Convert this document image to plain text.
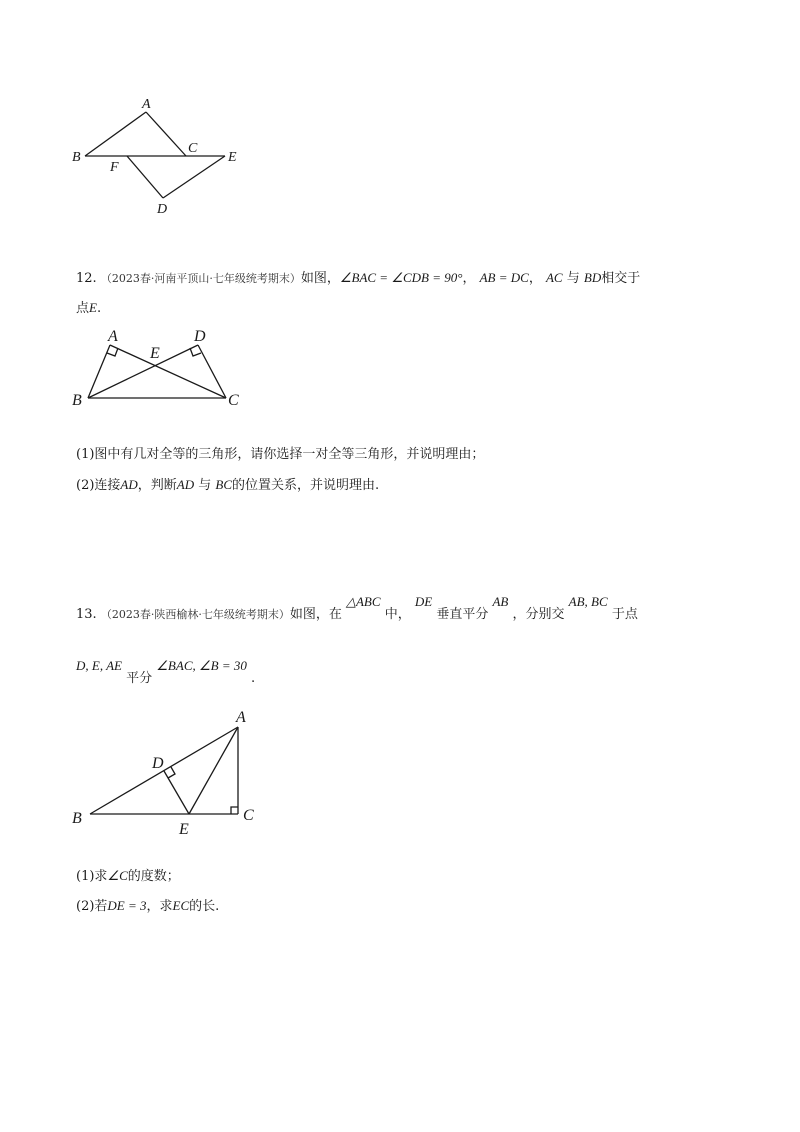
A
B
C
E
F
D
12. （2023春·河南平顶山·七年级统考期末）如图，∠BAC = ∠CDB = 90°， AB = DC， AC 与 BD相交于
点E.
A	D
E
B	C
(1)图中有几对全等的三角形，请你选择一对全等三角形，并说明理由；
(2)连接AD，判断AD 与 BC的位置关系，并说明理由.
13. （2023春·陕西榆林·七年级统考期末）如图，在 △ABC 中， DE 垂直平分 AB ，分别交 AB, BC 于点
D, E, AE 平分 ∠BAC, ∠B = 30 .
A
D
B
E
C
(1)求∠C的度数；
(2)若DE = 3，求EC的长.
